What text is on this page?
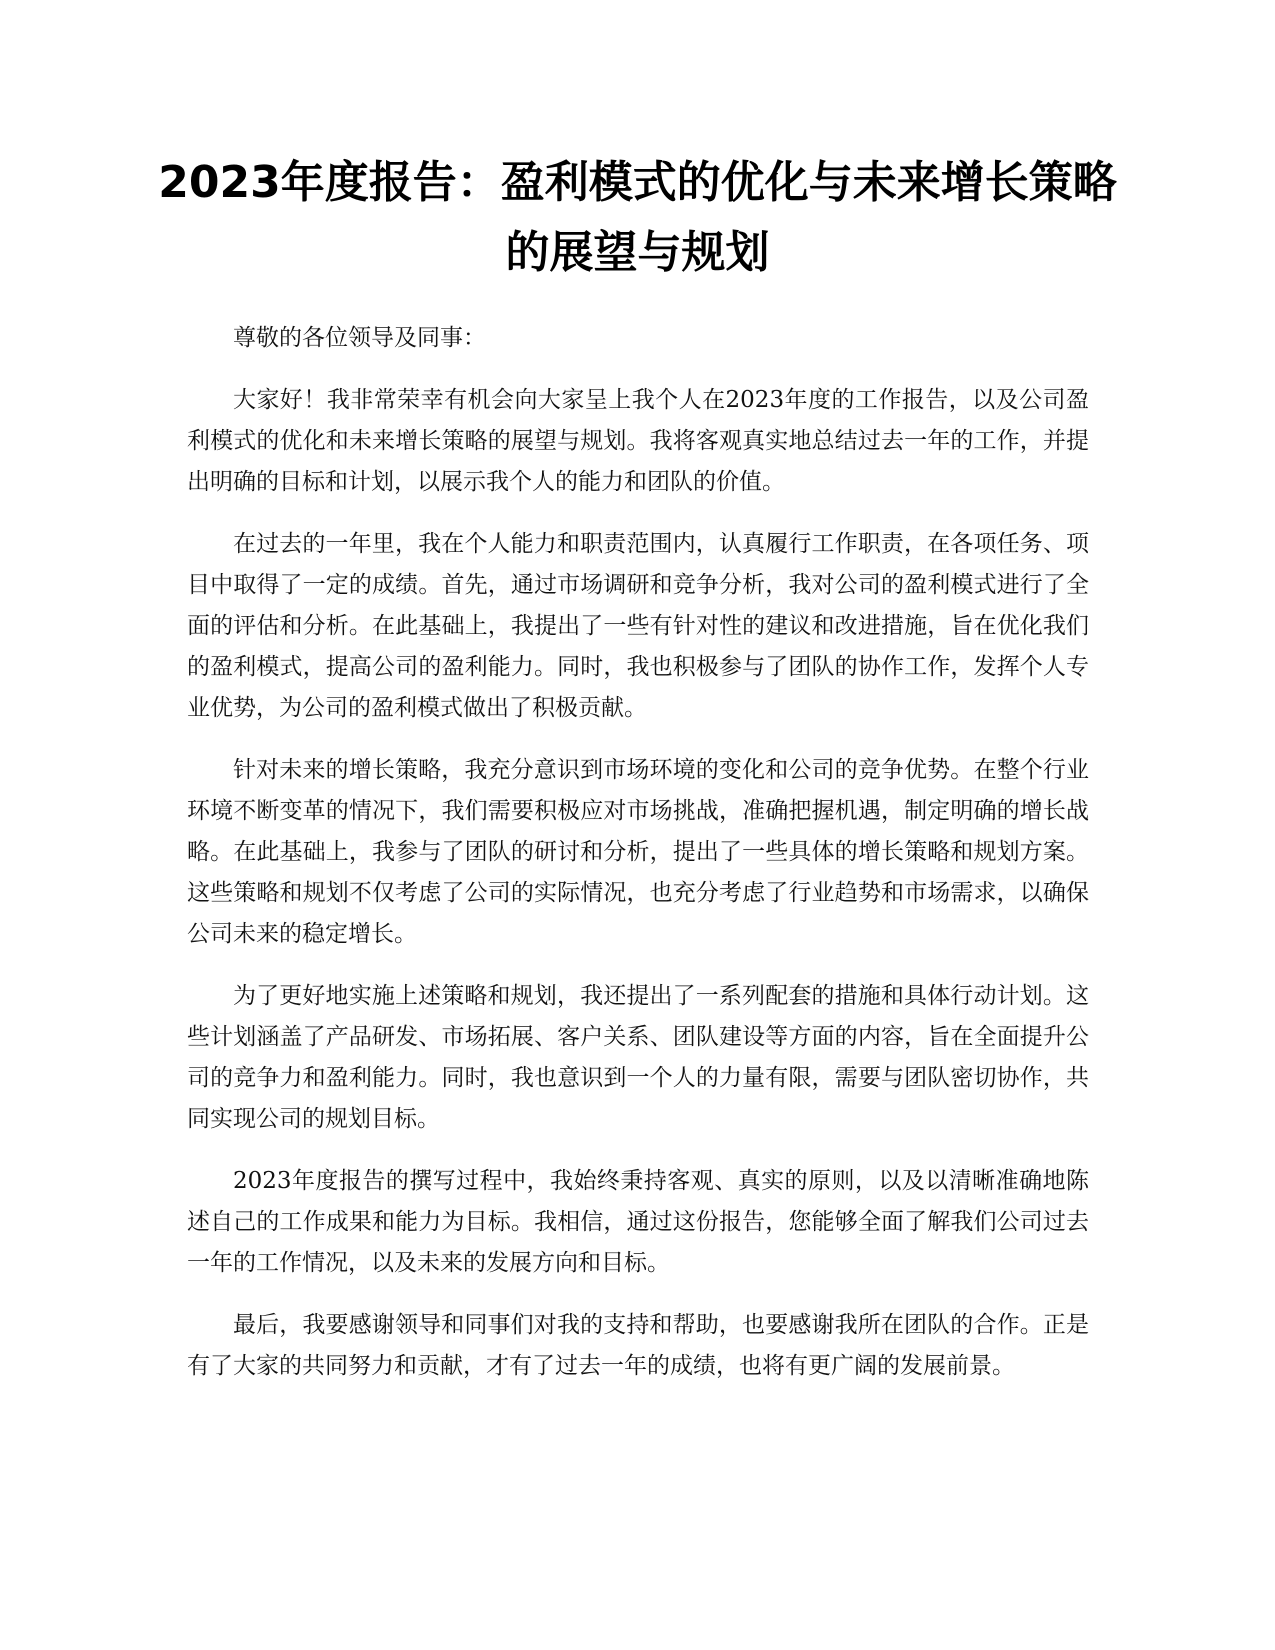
2023年度报告：盈利模式的优化与未来增长策略的展望与规划

尊敬的各位领导及同事：

大家好！我非常荣幸有机会向大家呈上我个人在2023年度的工作报告，以及公司盈利模式的优化和未来增长策略的展望与规划。我将客观真实地总结过去一年的工作，并提出明确的目标和计划，以展示我个人的能力和团队的价值。

在过去的一年里，我在个人能力和职责范围内，认真履行工作职责，在各项任务、项目中取得了一定的成绩。首先，通过市场调研和竞争分析，我对公司的盈利模式进行了全面的评估和分析。在此基础上，我提出了一些有针对性的建议和改进措施，旨在优化我们的盈利模式，提高公司的盈利能力。同时，我也积极参与了团队的协作工作，发挥个人专业优势，为公司的盈利模式做出了积极贡献。

针对未来的增长策略，我充分意识到市场环境的变化和公司的竞争优势。在整个行业环境不断变革的情况下，我们需要积极应对市场挑战，准确把握机遇，制定明确的增长战略。在此基础上，我参与了团队的研讨和分析，提出了一些具体的增长策略和规划方案。这些策略和规划不仅考虑了公司的实际情况，也充分考虑了行业趋势和市场需求，以确保公司未来的稳定增长。

为了更好地实施上述策略和规划，我还提出了一系列配套的措施和具体行动计划。这些计划涵盖了产品研发、市场拓展、客户关系、团队建设等方面的内容，旨在全面提升公司的竞争力和盈利能力。同时，我也意识到一个人的力量有限，需要与团队密切协作，共同实现公司的规划目标。

2023年度报告的撰写过程中，我始终秉持客观、真实的原则，以及以清晰准确地陈述自己的工作成果和能力为目标。我相信，通过这份报告，您能够全面了解我们公司过去一年的工作情况，以及未来的发展方向和目标。

最后，我要感谢领导和同事们对我的支持和帮助，也要感谢我所在团队的合作。正是有了大家的共同努力和贡献，才有了过去一年的成绩，也将有更广阔的发展前景。
